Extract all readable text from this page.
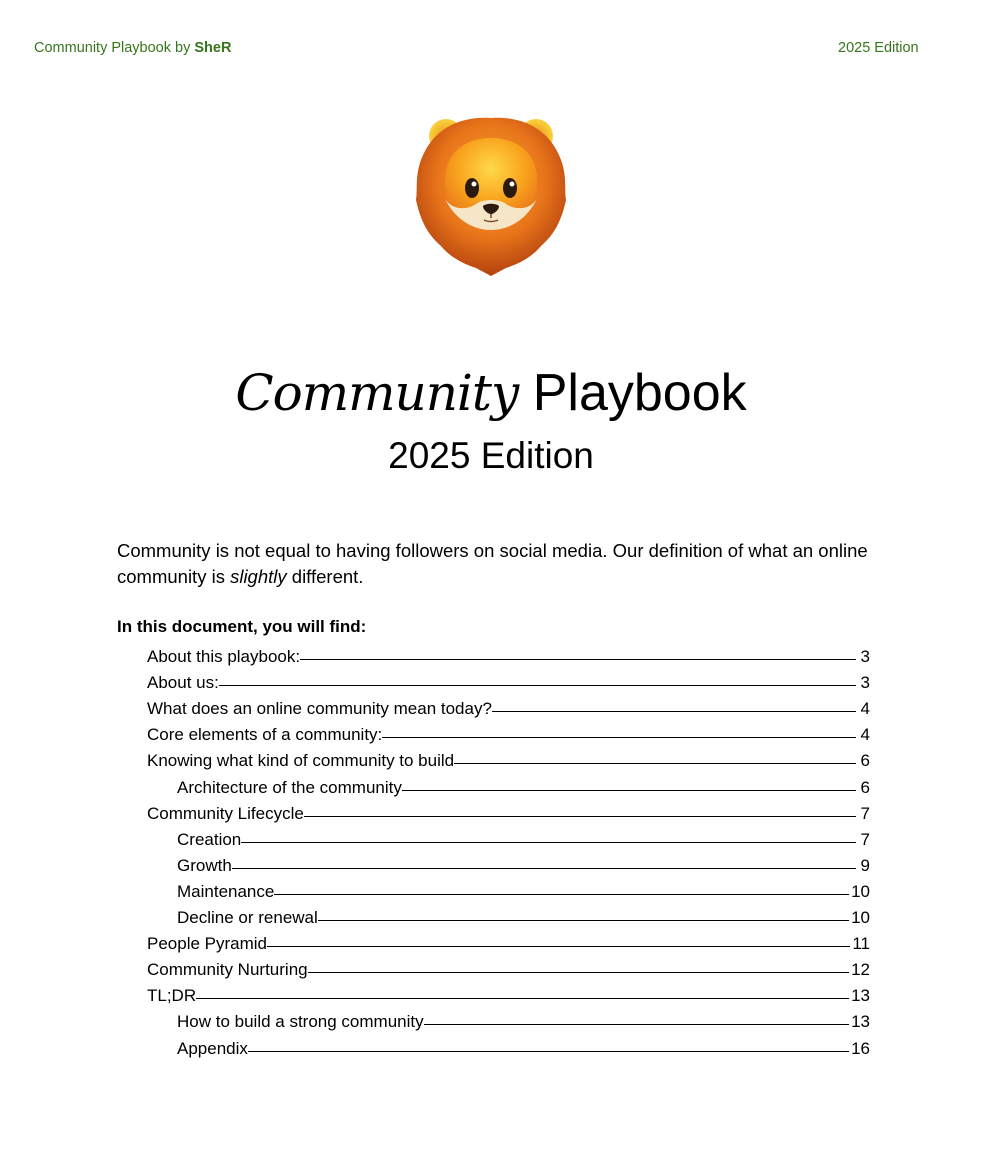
Community Playbook by SheR	2025 Edition
Community Playbook
2025 Edition
Community is not equal to having followers on social media. Our definition of what an online community is slightly different.
In this document, you will find:
About this playbook:	3
About us:	3
What does an online community mean today?	4
Core elements of a community:	4
Knowing what kind of community to build	6
Architecture of the community	6
Community Lifecycle	7
Creation	7
Growth	9
Maintenance	10
Decline or renewal	10
People Pyramid	11
Community Nurturing	12
TL;DR	13
How to build a strong community	13
Appendix	16
